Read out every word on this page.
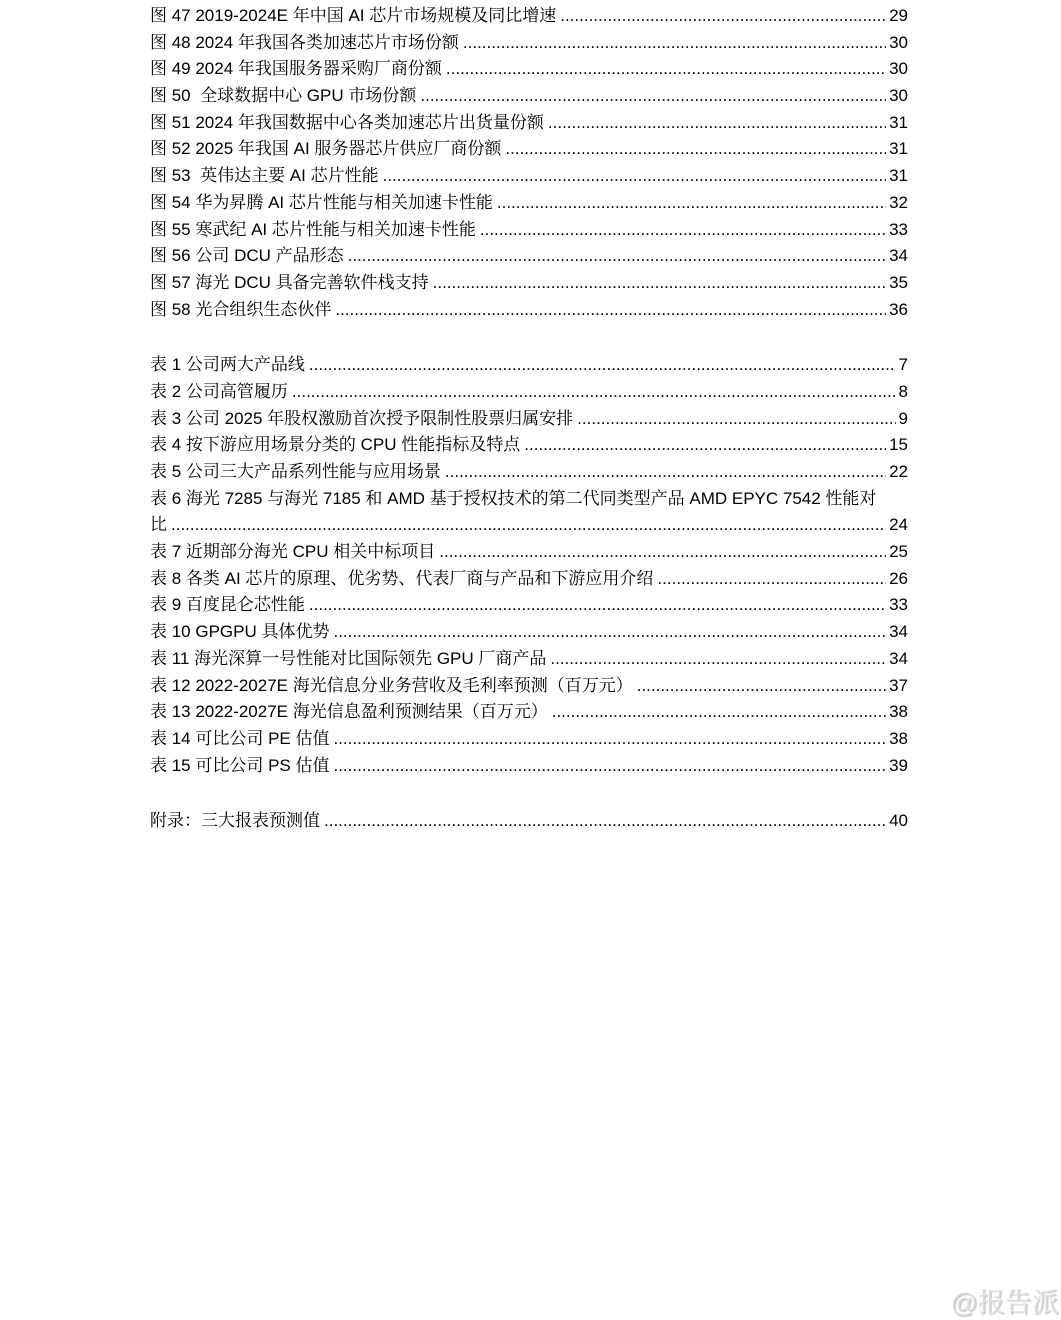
图 47 2019-2024E 年中国 AI 芯片市场规模及同比增速 .....	29
图 48 2024 年我国各类加速芯片市场份额 .....	30
图 49 2024 年我国服务器采购厂商份额 .....	30
图 50  全球数据中心 GPU 市场份额 .....	30
图 51 2024 年我国数据中心各类加速芯片出货量份额 .....	31
图 52 2025 年我国 AI 服务器芯片供应厂商份额 .....	31
图 53  英伟达主要 AI 芯片性能 .....	31
图 54 华为昇腾 AI 芯片性能与相关加速卡性能 .....	32
图 55 寒武纪 AI 芯片性能与相关加速卡性能 .....	33
图 56 公司 DCU 产品形态 .....	34
图 57 海光 DCU 具备完善软件栈支持 .....	35
图 58 光合组织生态伙伴 .....	36
表 1 公司两大产品线 .....	7
表 2 公司高管履历 .....	8
表 3 公司 2025 年股权激励首次授予限制性股票归属安排 .....	9
表 4 按下游应用场景分类的 CPU 性能指标及特点 .....	15
表 5 公司三大产品系列性能与应用场景 .....	22
表 6 海光 7285 与海光 7185 和 AMD 基于授权技术的第二代同类型产品 AMD EPYC 7542 性能对
比 .....	24
表 7 近期部分海光 CPU 相关中标项目 .....	25
表 8 各类 AI 芯片的原理、优劣势、代表厂商与产品和下游应用介绍 .....	26
表 9 百度昆仑芯性能 .....	33
表 10 GPGPU 具体优势 .....	34
表 11 海光深算一号性能对比国际领先 GPU 厂商产品 .....	34
表 12 2022-2027E 海光信息分业务营收及毛利率预测（百万元） .....	37
表 13 2022-2027E 海光信息盈利预测结果（百万元） .....	38
表 14 可比公司 PE 估值 .....	38
表 15 可比公司 PS 估值 .....	39
附录：三大报表预测值 .....	40
@报告派
